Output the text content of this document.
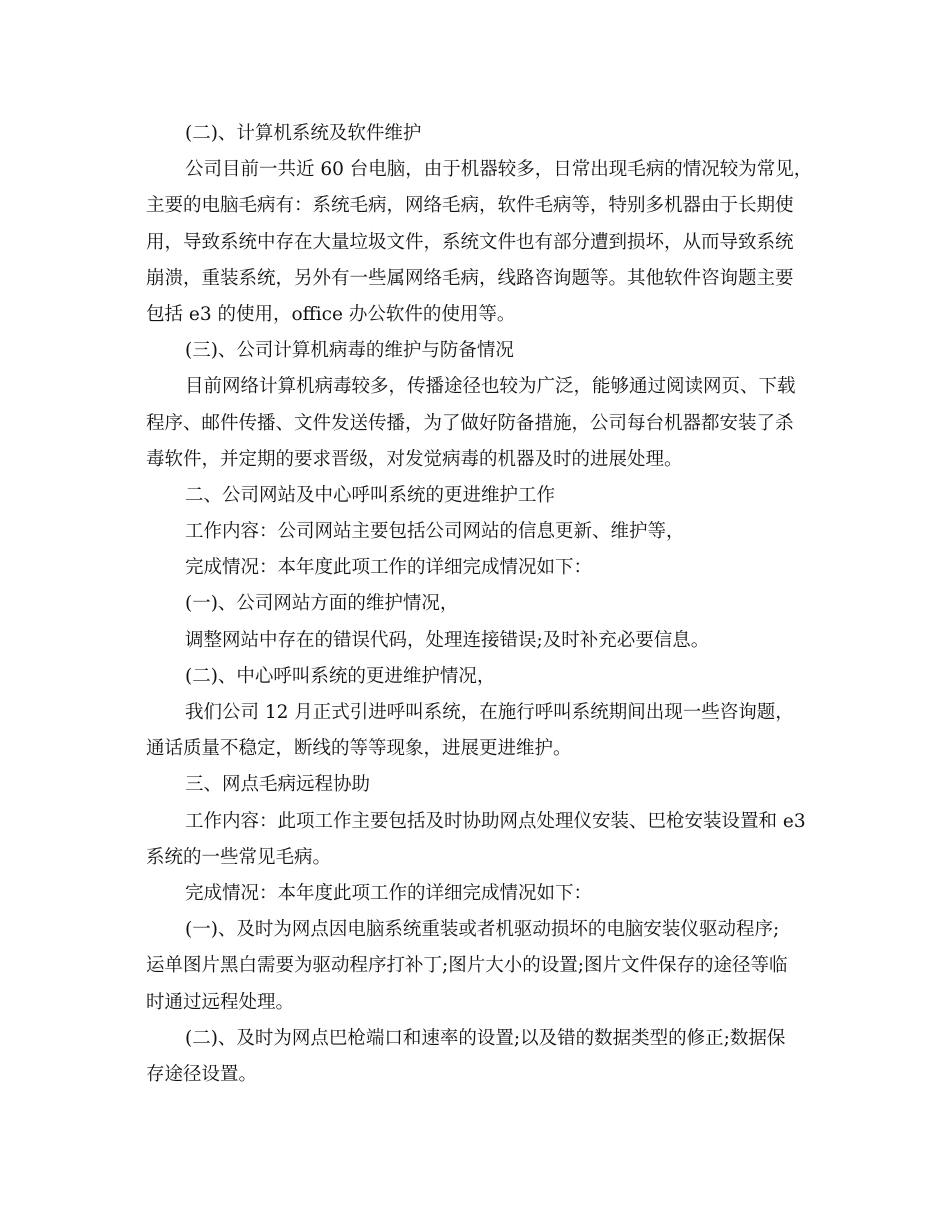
(二)、计算机系统及软件维护
公司目前一共近 60 台电脑，由于机器较多，日常出现毛病的情况较为常见，
主要的电脑毛病有：系统毛病，网络毛病，软件毛病等，特别多机器由于长期使
用，导致系统中存在大量垃圾文件，系统文件也有部分遭到损坏，从而导致系统
崩溃，重装系统，另外有一些属网络毛病，线路咨询题等。其他软件咨询题主要
包括 e3 的使用，office 办公软件的使用等。
(三)、公司计算机病毒的维护与防备情况
目前网络计算机病毒较多，传播途径也较为广泛，能够通过阅读网页、下载
程序、邮件传播、文件发送传播，为了做好防备措施，公司每台机器都安装了杀
毒软件，并定期的要求晋级，对发觉病毒的机器及时的进展处理。
二、公司网站及中心呼叫系统的更进维护工作
工作内容：公司网站主要包括公司网站的信息更新、维护等，
完成情况：本年度此项工作的详细完成情况如下：
(一)、公司网站方面的维护情况，
调整网站中存在的错误代码，处理连接错误;及时补充必要信息。
(二)、中心呼叫系统的更进维护情况，
我们公司 12 月正式引进呼叫系统，在施行呼叫系统期间出现一些咨询题，
通话质量不稳定，断线的等等现象，进展更进维护。
三、网点毛病远程协助
工作内容：此项工作主要包括及时协助网点处理仪安装、巴枪安装设置和 e3
系统的一些常见毛病。
完成情况：本年度此项工作的详细完成情况如下：
(一)、及时为网点因电脑系统重装或者机驱动损坏的电脑安装仪驱动程序;
运单图片黑白需要为驱动程序打补丁;图片大小的设置;图片文件保存的途径等临
时通过远程处理。
(二)、及时为网点巴枪端口和速率的设置;以及错的数据类型的修正;数据保
存途径设置。
